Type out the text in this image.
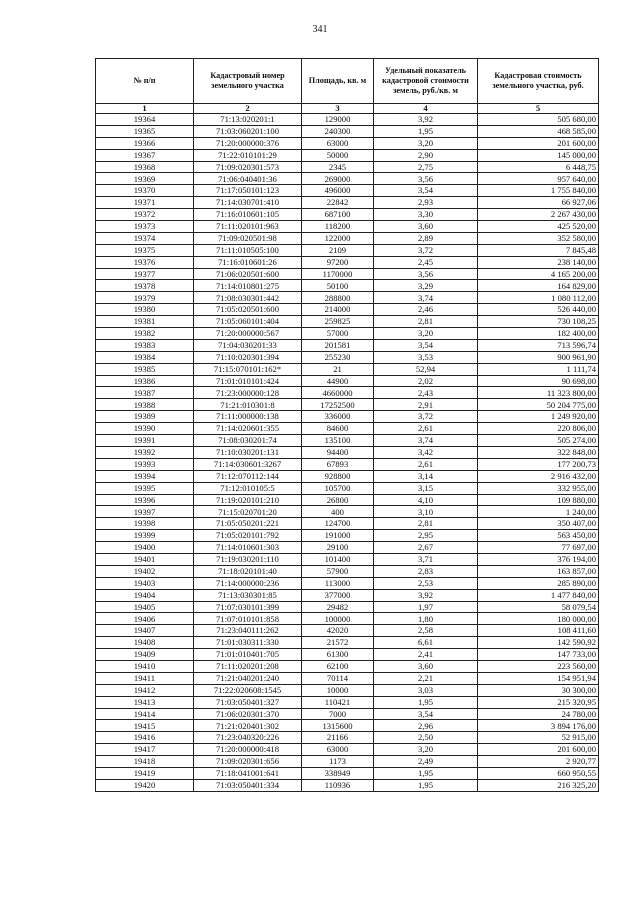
341
№ п/п	Кадастровый номер земельного участка	Площадь, кв. м	Удельный показатель кадастровой стоимости земель, руб./кв. м	Кадастровая стоимость земельного участка, руб.
1	2	3	4	5
19364	71:13:020201:1	129000	3,92	505 680,00
19365	71:03:060201:100	240300	1,95	468 585,00
19366	71:20:000000:376	63000	3,20	201 600,00
19367	71:22:010101:29	50000	2,90	145 000,00
19368	71:09:020301:573	2345	2,75	6 448,75
19369	71:06:040401:36	269000	3,56	957 640,00
19370	71:17:050101:123	496000	3,54	1 755 840,00
19371	71:14:030701:410	22842	2,93	66 927,06
19372	71:16:010601:105	687100	3,30	2 267 430,00
19373	71:11:020101:963	118200	3,60	425 520,00
19374	71:09:020501:98	122000	2,89	352 580,00
19375	71:11:010505:100	2109	3,72	7 845,48
19376	71:16:010601:26	97200	2,45	238 140,00
19377	71:06:020501:600	1170000	3,56	4 165 200,00
19378	71:14:010801:275	50100	3,29	164 829,00
19379	71:08:030301:442	288800	3,74	1 080 112,00
19380	71:05:020501:600	214000	2,46	526 440,00
19381	71:05:060101:404	259825	2,81	730 108,25
19382	71:20:000000:567	57000	3,20	182 400,00
19383	71:04:030201:33	201581	3,54	713 596,74
19384	71:10:020301:394	255230	3,53	900 961,90
19385	71:15:070101:162*	21	52,94	1 111,74
19386	71:01:010101:424	44900	2,02	90 698,00
19387	71:23:000000:128	4660000	2,43	11 323 800,00
19388	71:21:010301:8	17252500	2,91	50 204 775,00
19389	71:11:000000:138	336000	3,72	1 249 920,00
19390	71:14:020601:355	84600	2,61	220 806,00
19391	71:08:030201:74	135100	3,74	505 274,00
19392	71:10:030201:131	94400	3,42	322 848,00
19393	71:14:030601:3267	67893	2,61	177 200,73
19394	71:12:070112:144	928800	3,14	2 916 432,00
19395	71:12:010105:5	105700	3,15	332 955,00
19396	71:19:020101:210	26800	4,10	109 880,00
19397	71:15:020701:20	400	3,10	1 240,00
19398	71:05:050201:221	124700	2,81	350 407,00
19399	71:05:020101:792	191000	2,95	563 450,00
19400	71:14:010601:303	29100	2,67	77 697,00
19401	71:19:030201:110	101400	3,71	376 194,00
19402	71:18:020101:40	57900	2,83	163 857,00
19403	71:14:000000:236	113000	2,53	285 890,00
19404	71:13:030301:85	377000	3,92	1 477 840,00
19405	71:07:030101:399	29482	1,97	58 079,54
19406	71:07:010101:858	100000	1,80	180 000,00
19407	71:23:040111:262	42020	2,58	108 411,60
19408	71:01:030311:330	21572	6,61	142 590,92
19409	71:01:010401:705	61300	2,41	147 733,00
19410	71:11:020201:208	62100	3,60	223 560,00
19411	71:21:040201:240	70114	2,21	154 951,94
19412	71:22:020608:1545	10000	3,03	30 300,00
19413	71:03:050401:327	110421	1,95	215 320,95
19414	71:06:020301:370	7000	3,54	24 780,00
19415	71:21:020401:302	1315600	2,96	3 894 176,00
19416	71:23:040320:226	21166	2,50	52 915,00
19417	71:20:000000:418	63000	3,20	201 600,00
19418	71:09:020301:656	1173	2,49	2 920,77
19419	71:18:041001:641	338949	1,95	660 950,55
19420	71:03:050401:334	110936	1,95	216 325,20
